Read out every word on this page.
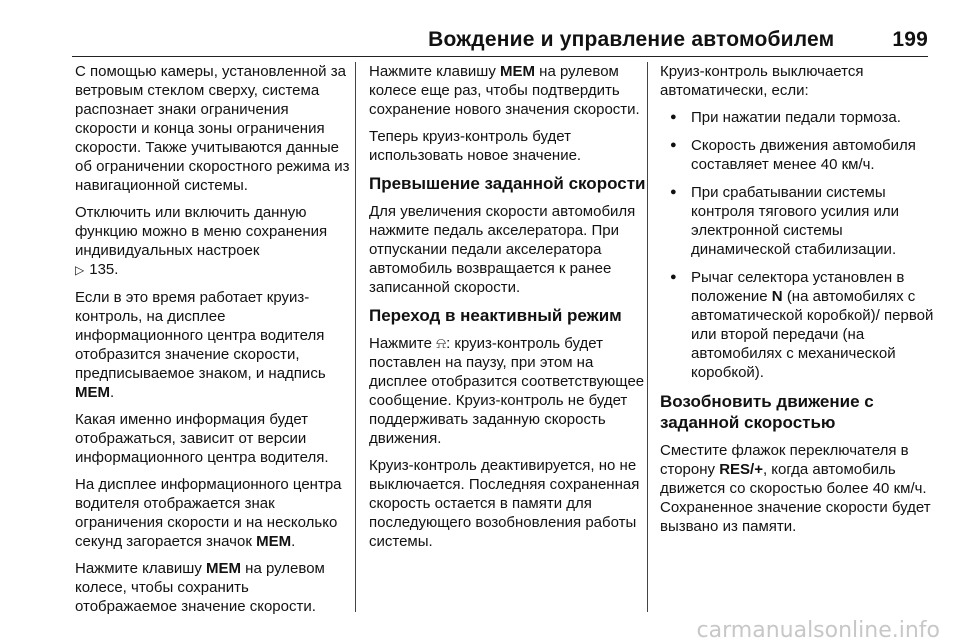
Вождение и управление автомобилем	199

С помощью камеры, установленной за ветровым стеклом сверху, система распознает знаки ограничения скорости и конца зоны ограничения скорости. Также учитываются данные об ограничении скоростного режима из навигационной системы.

Отключить или включить данную функцию можно в меню сохранения индивидуальных настроек
▷ 135.

Если в это время работает круиз-контроль, на дисплее информационного центра водителя отобразится значение скорости, предписываемое знаком, и надпись MEM.

Какая именно информация будет отображаться, зависит от версии информационного центра водителя.

На дисплее информационного центра водителя отображается знак ограничения скорости и на несколько секунд загорается значок MEM.

Нажмите клавишу MEM на рулевом колесе, чтобы сохранить отображаемое значение скорости.

Нажмите клавишу MEM на рулевом колесе еще раз, чтобы подтвердить сохранение нового значения скорости.

Теперь круиз-контроль будет использовать новое значение.

Превышение заданной скорости

Для увеличения скорости автомобиля нажмите педаль акселератора. При отпускании педали акселератора автомобиль возвращается к ранее записанной скорости.

Переход в неактивный режим

Нажмите ⍾: круиз-контроль будет поставлен на паузу, при этом на дисплее отобразится соответствующее сообщение. Круиз-контроль не будет поддерживать заданную скорость движения.

Круиз-контроль деактивируется, но не выключается. Последняя сохраненная скорость остается в памяти для последующего возобновления работы системы.

Круиз-контроль выключается автоматически, если:

● При нажатии педали тормоза.
● Скорость движения автомобиля составляет менее 40 км/ч.
● При срабатывании системы контроля тягового усилия или электронной системы динамической стабилизации.
● Рычаг селектора установлен в положение N (на автомобилях с автоматической коробкой)/ первой или второй передачи (на автомобилях с механической коробкой).
Возобновить движение с заданной скоростью

Сместите флажок переключателя в сторону RES/+, когда автомобиль движется со скоростью более 40 км/ч. Сохраненное значение скорости будет вызвано из памяти.

carmanualsonline.info
